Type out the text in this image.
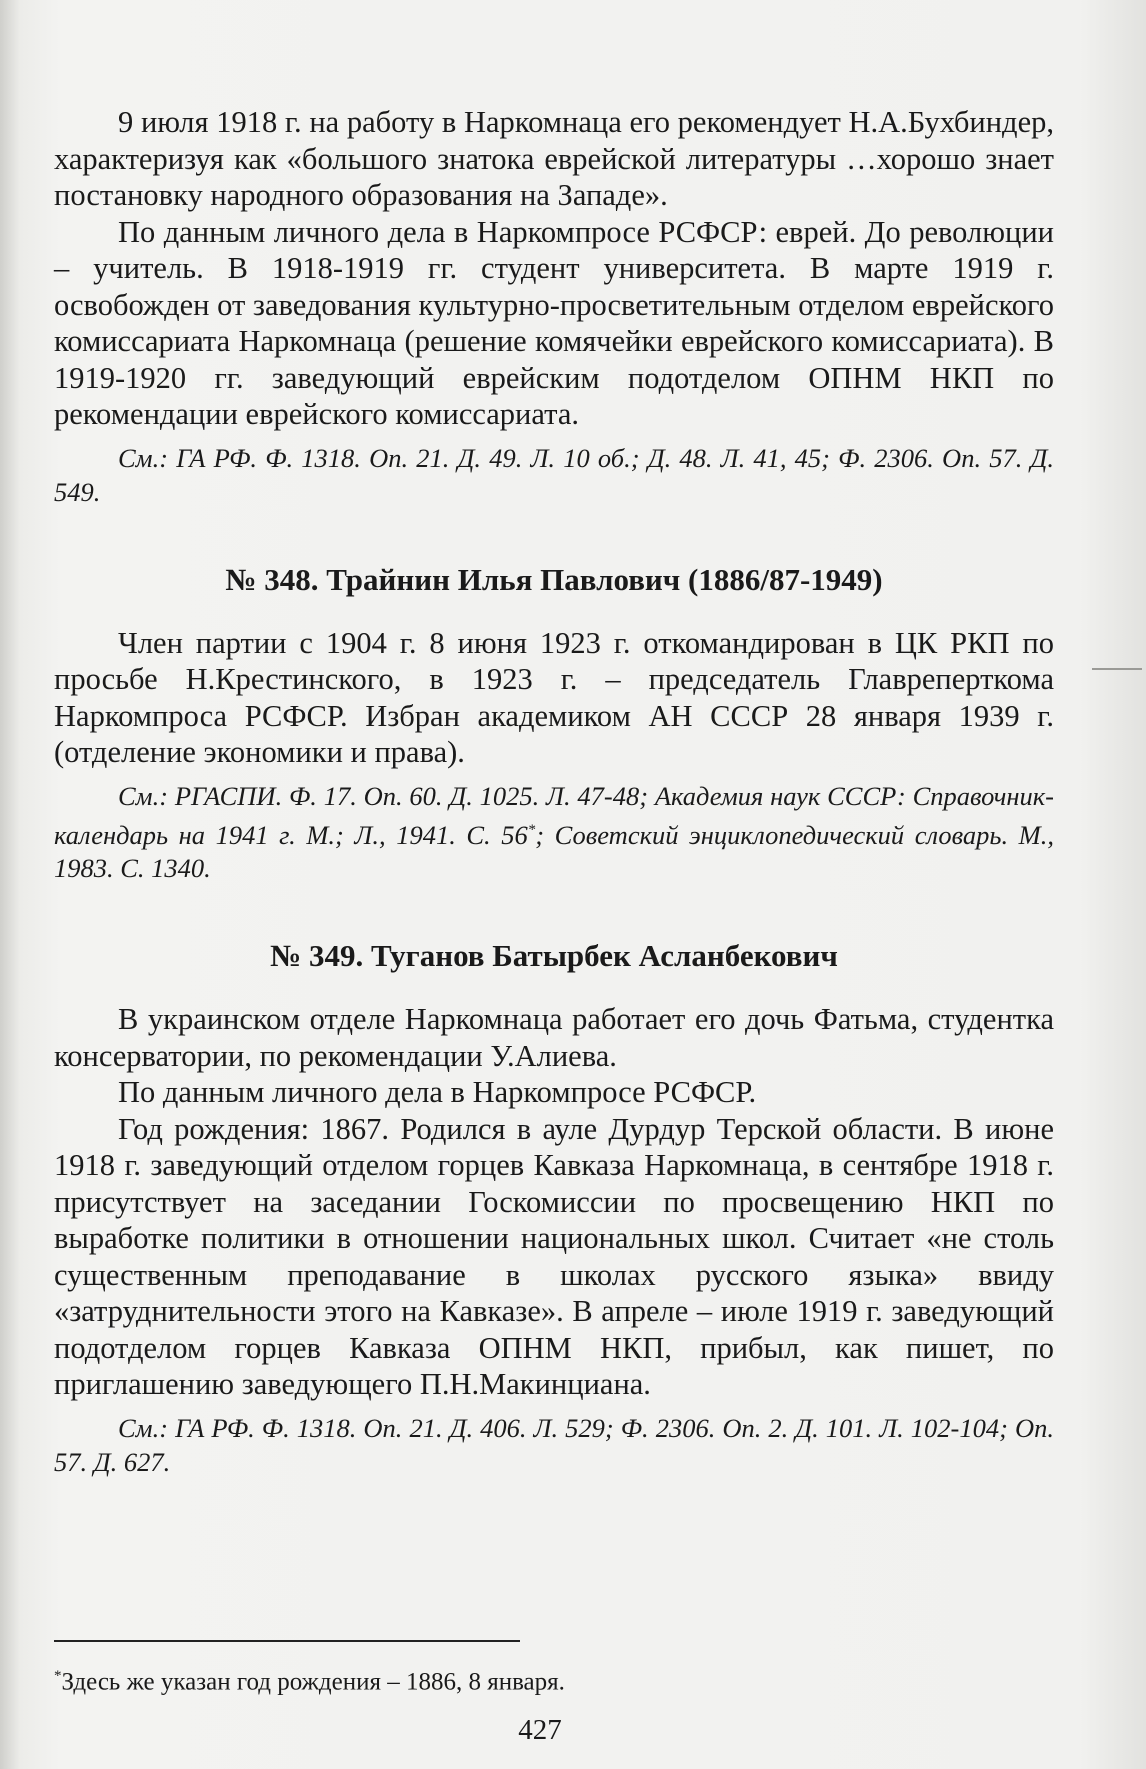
9 июля 1918 г. на работу в Наркомнаца его рекомендует Н.А.Бухбиндер, характеризуя как «большого знатока еврейской литературы …хорошо знает постановку народного образования на Западе».

По данным личного дела в Наркомпросе РСФСР: еврей. До революции – учитель. В 1918-1919 гг. студент университета. В марте 1919 г. освобожден от заведования культурно-просветительным отделом еврейского комиссариата Наркомнаца (решение комячейки еврейского комиссариата). В 1919-1920 гг. заведующий еврейским подотделом ОПНМ НКП по рекомендации еврейского комиссариата.

См.: ГА РФ. Ф. 1318. Оп. 21. Д. 49. Л. 10 об.; Д. 48. Л. 41, 45; Ф. 2306. Оп. 57. Д. 549.

№ 348. Трайнин Илья Павлович (1886/87-1949)

Член партии с 1904 г. 8 июня 1923 г. откомандирован в ЦК РКП по просьбе Н.Крестинского, в 1923 г. – председатель Главреперткома Наркомпроса РСФСР. Избран академиком АН СССР 28 января 1939 г. (отделение экономики и права).

См.: РГАСПИ. Ф. 17. Оп. 60. Д. 1025. Л. 47-48; Академия наук СССР: Справочник-календарь на 1941 г. М.; Л., 1941. С. 56*; Советский энциклопедический словарь. М., 1983. С. 1340.

№ 349. Туганов Батырбек Асланбекович

В украинском отделе Наркомнаца работает его дочь Фатьма, студентка консерватории, по рекомендации У.Алиева.

По данным личного дела в Наркомпросе РСФСР.

Год рождения: 1867. Родился в ауле Дурдур Терской области. В июне 1918 г. заведующий отделом горцев Кавказа Наркомнаца, в сентябре 1918 г. присутствует на заседании Госкомиссии по просвещению НКП по выработке политики в отношении национальных школ. Считает «не столь существенным преподавание в школах русского языка» ввиду «затруднительности этого на Кавказе». В апреле – июле 1919 г. заведующий подотделом горцев Кавказа ОПНМ НКП, прибыл, как пишет, по приглашению заведующего П.Н.Макинциана.

См.: ГА РФ. Ф. 1318. Оп. 21. Д. 406. Л. 529; Ф. 2306. Оп. 2. Д. 101. Л. 102-104; Оп. 57. Д. 627.

*Здесь же указан год рождения – 1886, 8 января.
427
